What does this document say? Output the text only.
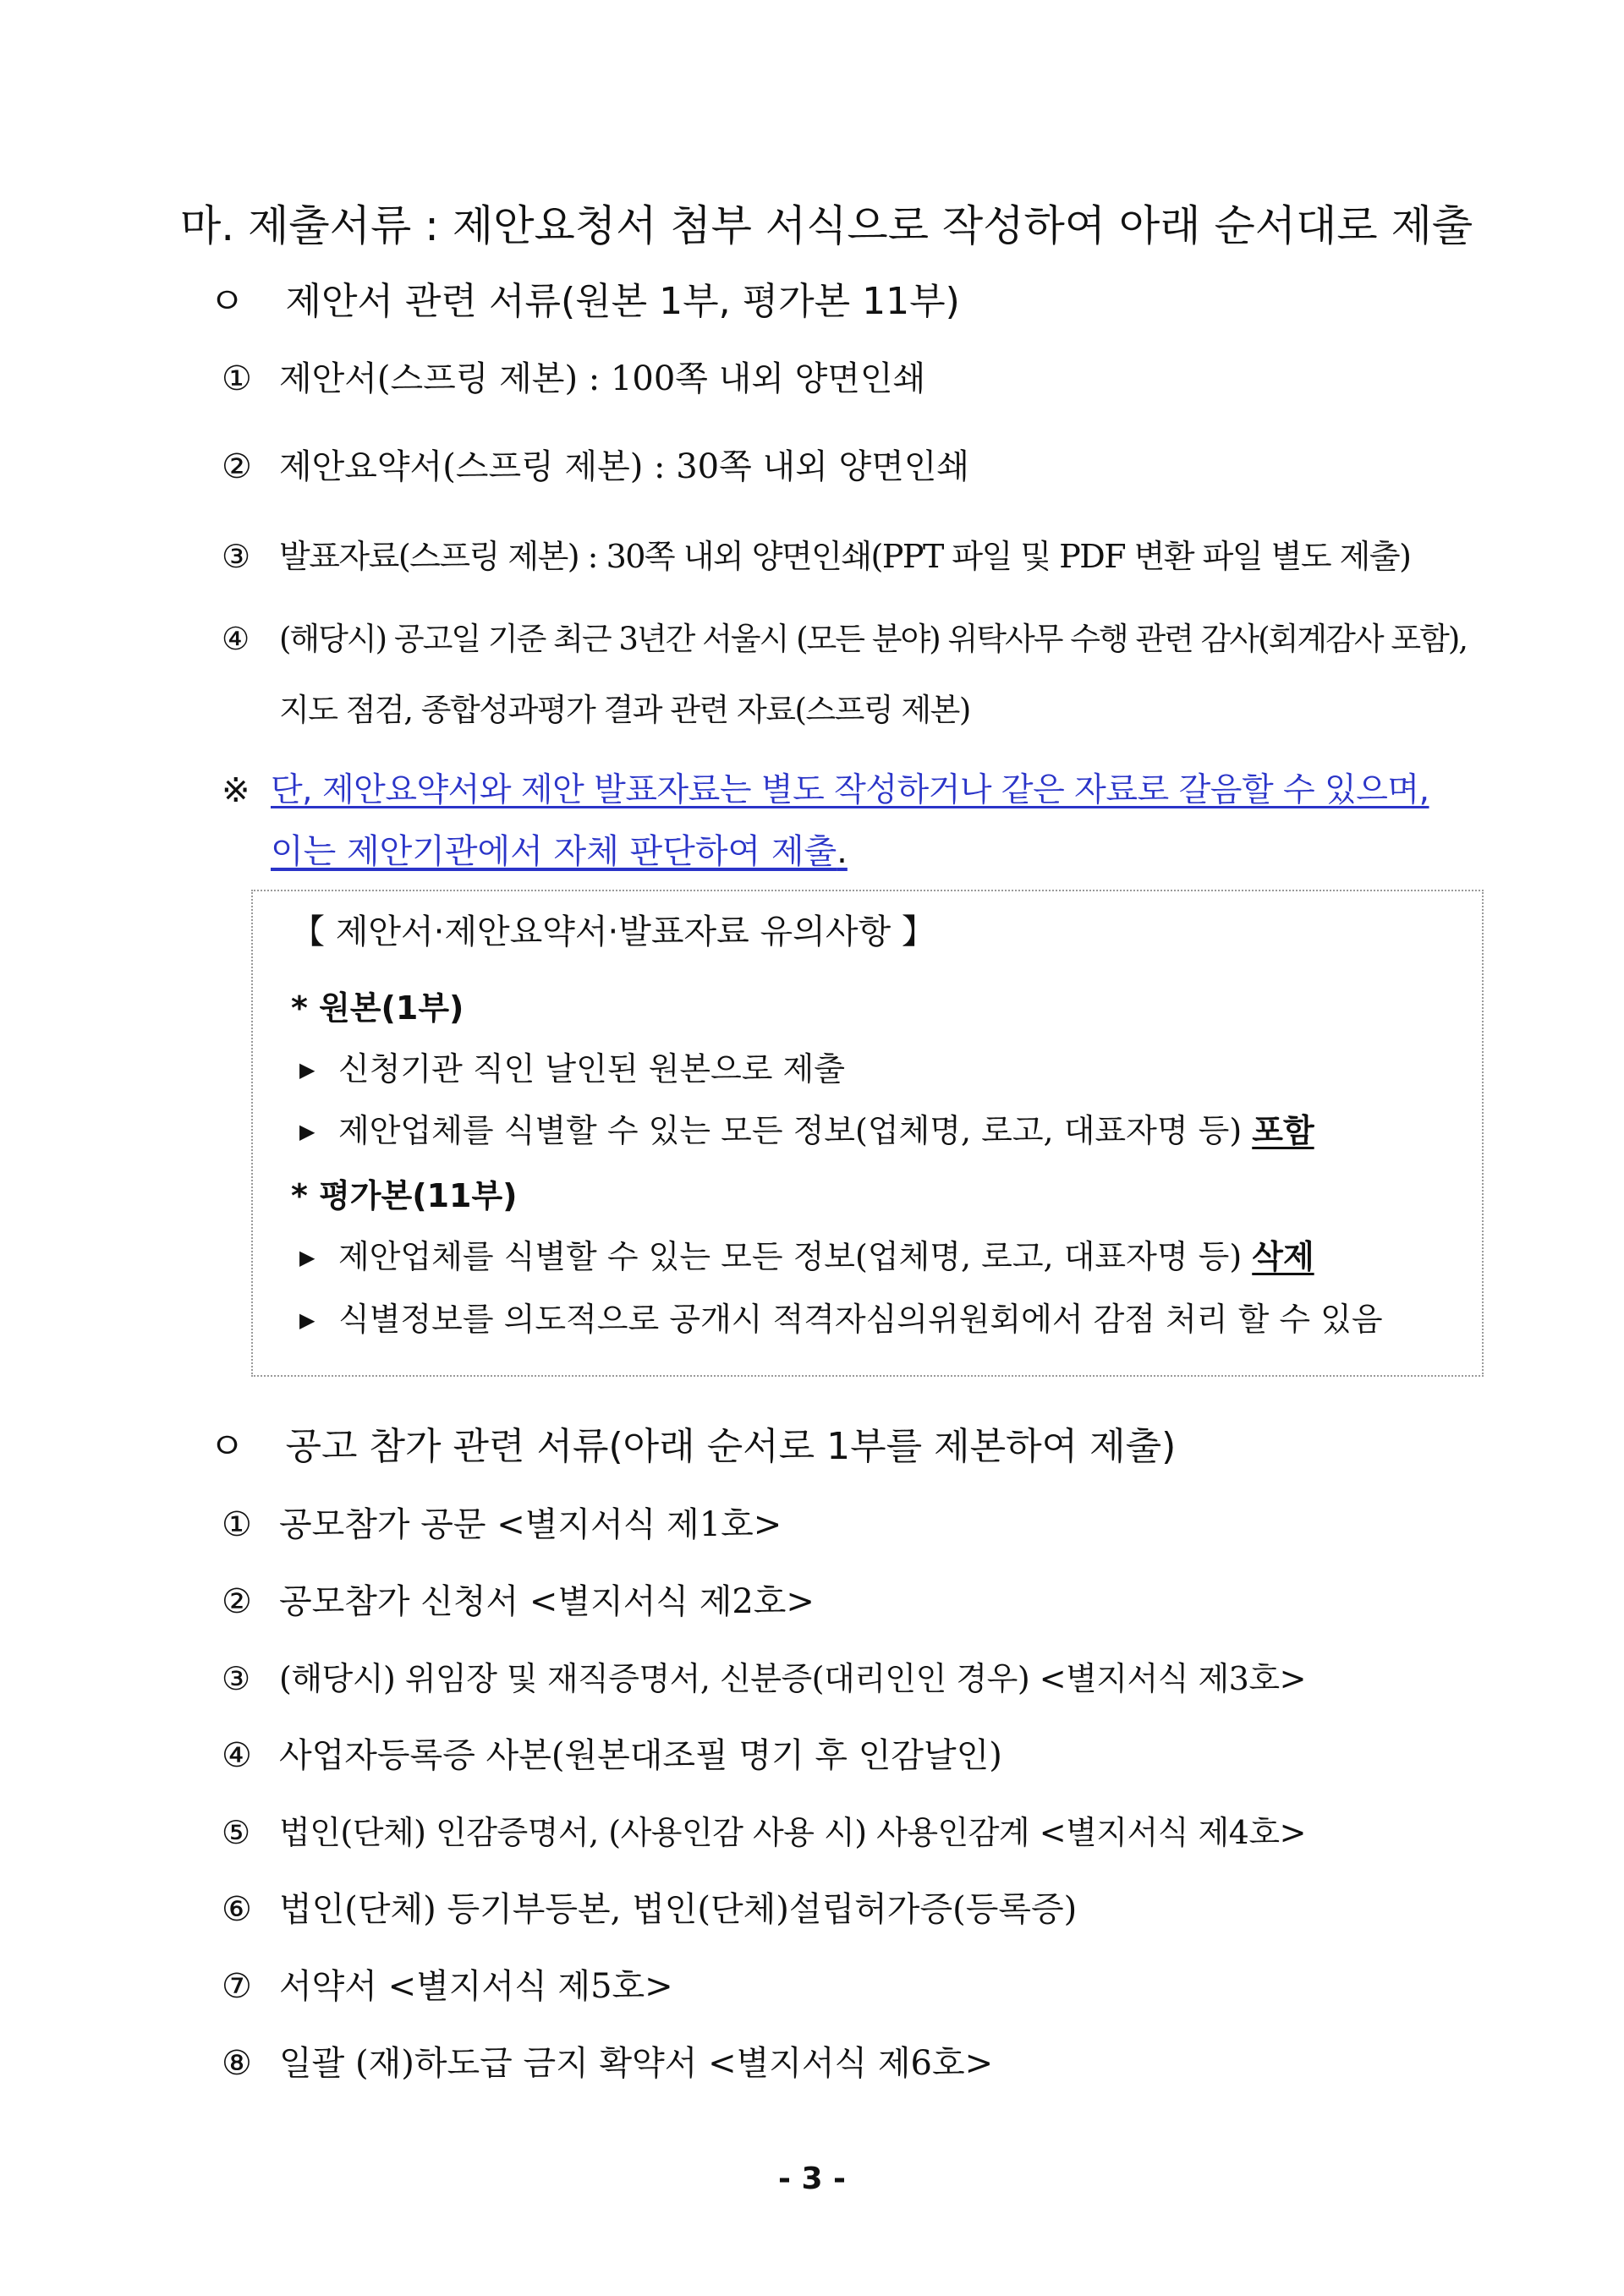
마. 제출서류 : 제안요청서 첨부 서식으로 작성하여 아래 순서대로 제출
ㅇ 제안서 관련 서류(원본 1부, 평가본 11부)
① 제안서(스프링 제본) : 100쪽 내외 양면인쇄
② 제안요약서(스프링 제본) : 30쪽 내외 양면인쇄
③ 발표자료(스프링 제본) : 30쪽 내외 양면인쇄(PPT 파일 및 PDF 변환 파일 별도 제출)
④ (해당시) 공고일 기준 최근 3년간 서울시 (모든 분야) 위탁사무 수행 관련 감사(회계감사 포함),
지도 점검, 종합성과평가 결과 관련 자료(스프링 제본)
※ 단, 제안요약서와 제안 발표자료는 별도 작성하거나 같은 자료로 갈음할 수 있으며,
이는 제안기관에서 자체 판단하여 제출.
【 제안서·제안요약서·발표자료 유의사항 】
* 원본(1부)
▶ 신청기관 직인 날인된 원본으로 제출
▶ 제안업체를 식별할 수 있는 모든 정보(업체명, 로고, 대표자명 등) 포함
* 평가본(11부)
▶ 제안업체를 식별할 수 있는 모든 정보(업체명, 로고, 대표자명 등) 삭제
▶ 식별정보를 의도적으로 공개시 적격자심의위원회에서 감점 처리 할 수 있음
ㅇ 공고 참가 관련 서류(아래 순서로 1부를 제본하여 제출)
① 공모참가 공문 <별지서식 제1호>
② 공모참가 신청서 <별지서식 제2호>
③ (해당시) 위임장 및 재직증명서, 신분증(대리인인 경우) <별지서식 제3호>
④ 사업자등록증 사본(원본대조필 명기 후 인감날인)
⑤ 법인(단체) 인감증명서, (사용인감 사용 시) 사용인감계 <별지서식 제4호>
⑥ 법인(단체) 등기부등본, 법인(단체)설립허가증(등록증)
⑦ 서약서 <별지서식 제5호>
⑧ 일괄 (재)하도급 금지 확약서 <별지서식 제6호>
- 3 -
